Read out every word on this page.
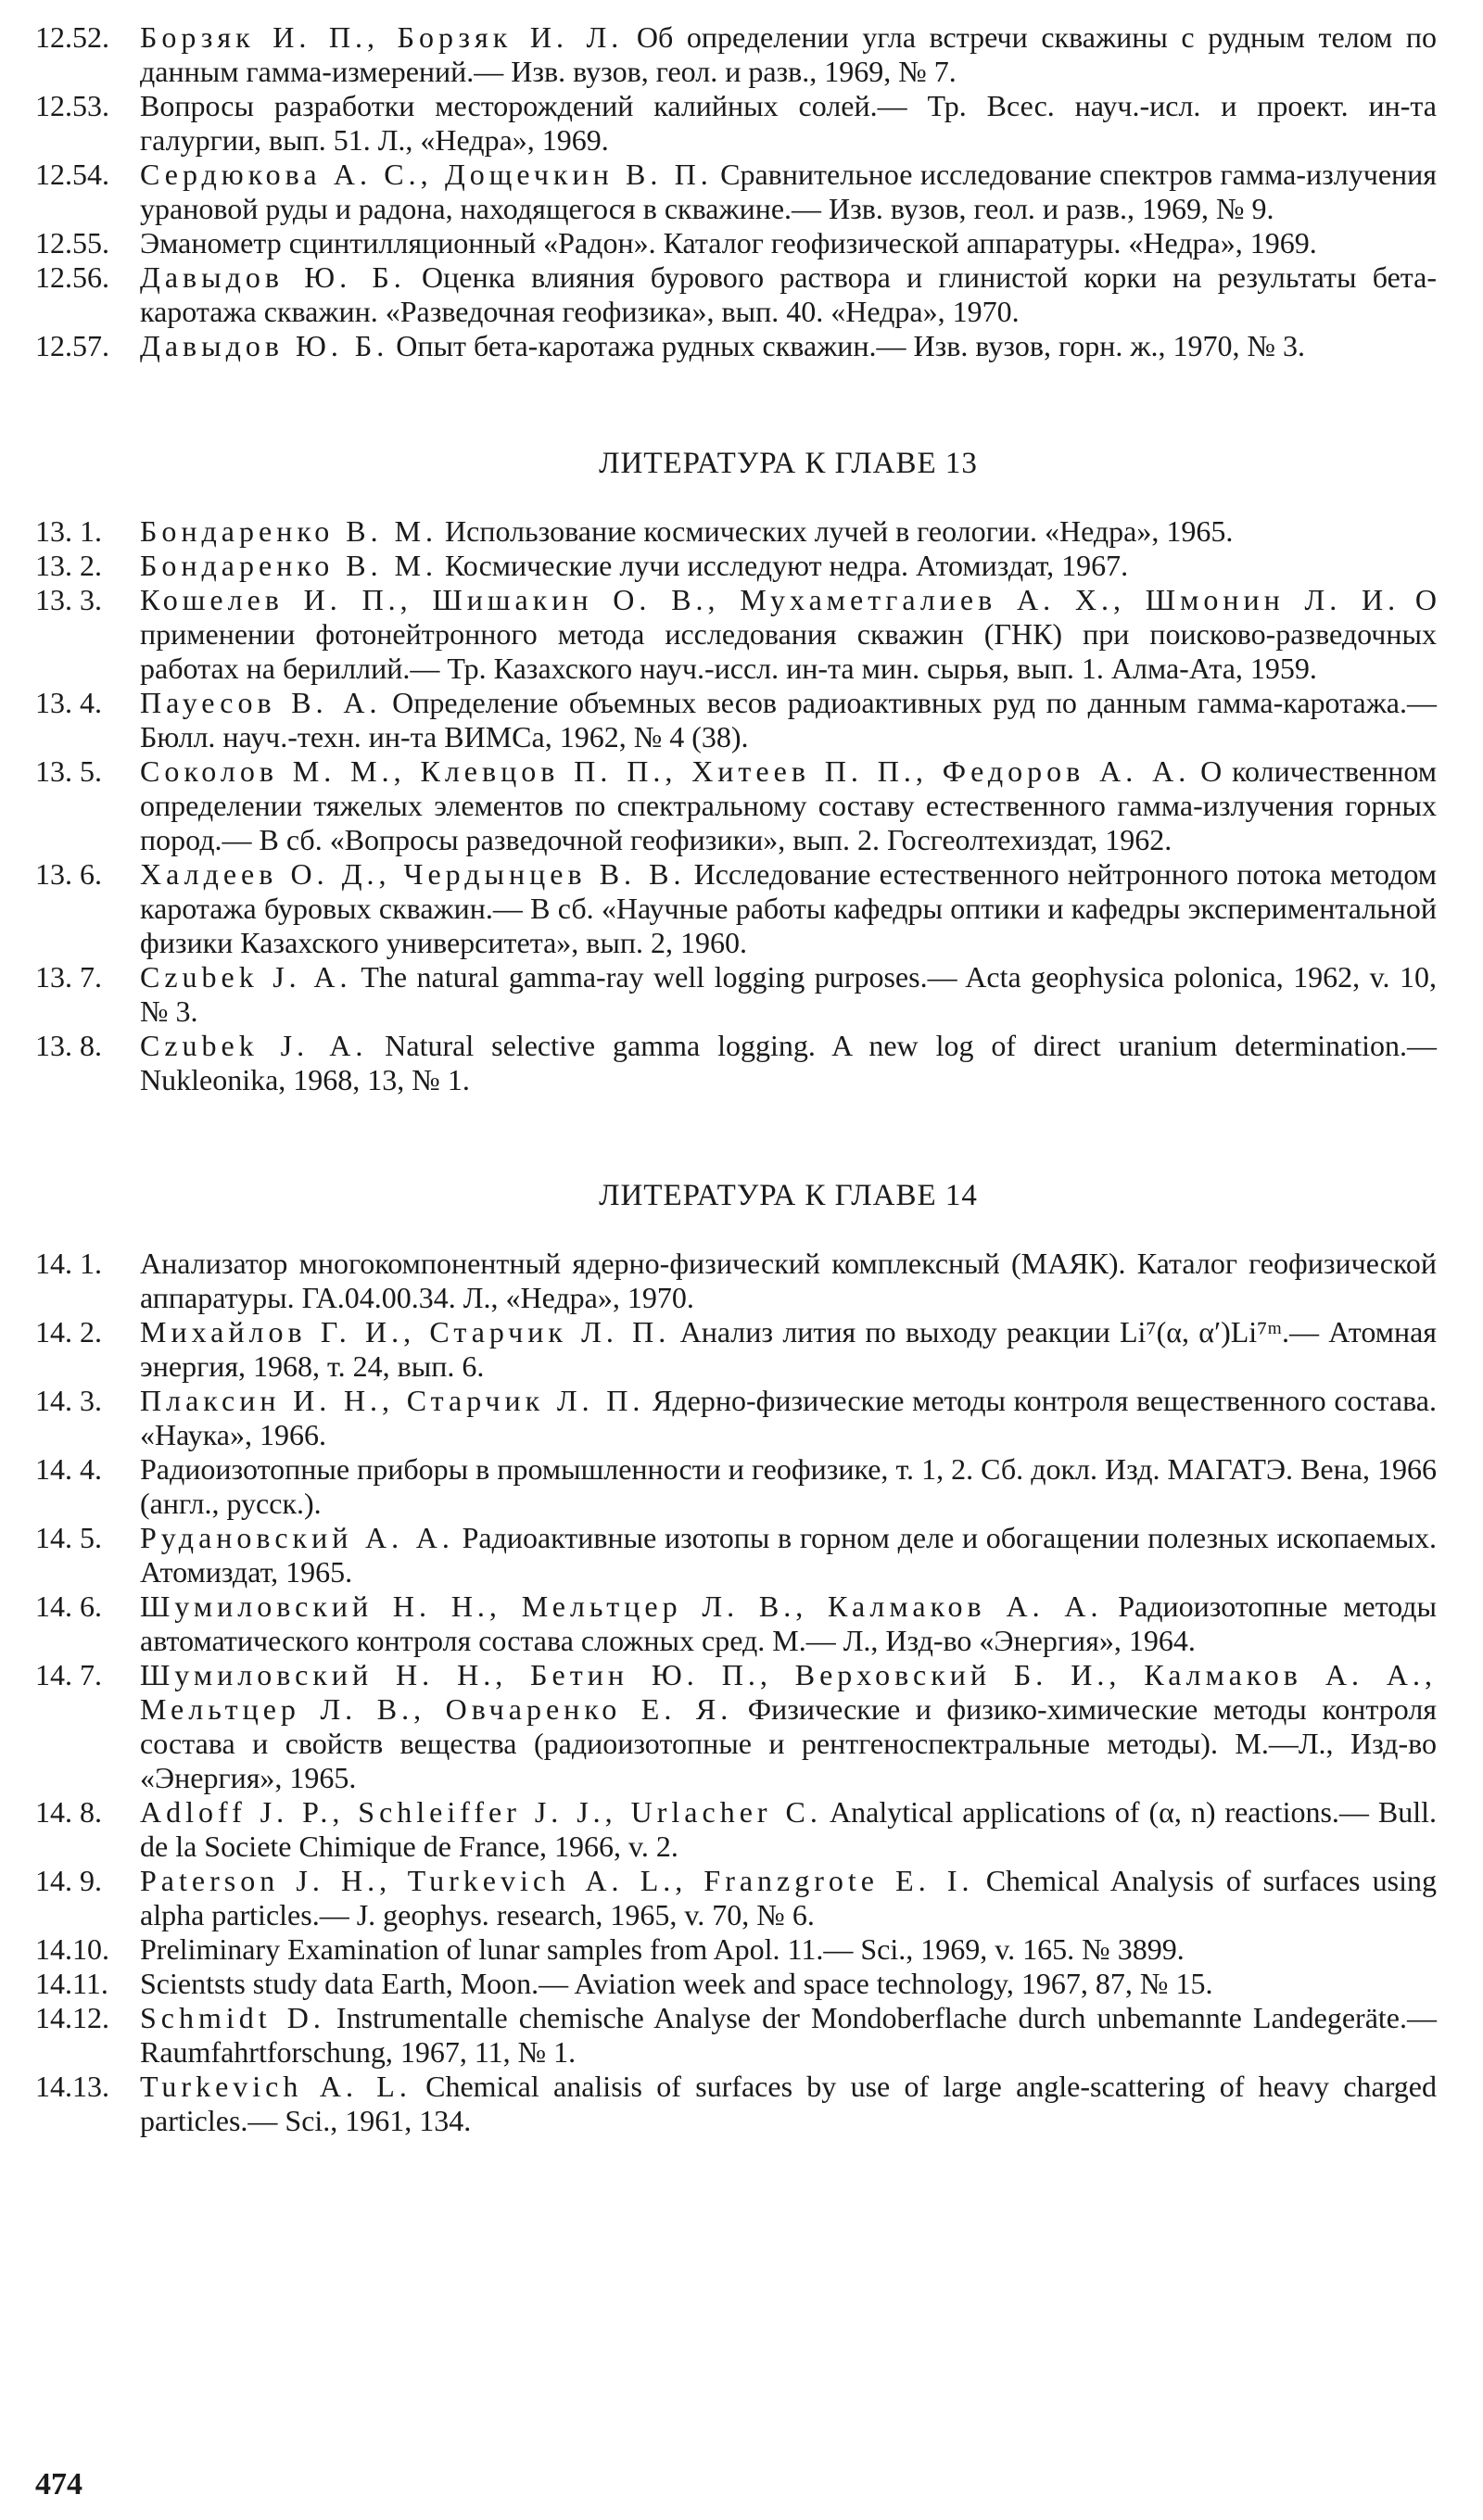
12.52.	Борзяк И. П., Борзяк И. Л. Об определении угла встречи скважины с рудным телом по данным гамма-измерений.— Изв. вузов, геол. и разв., 1969, № 7.
12.53.	Вопросы разработки месторождений калийных солей.— Тр. Всес. науч.-исл. и проект. ин-та галургии, вып. 51. Л., «Недра», 1969.
12.54.	Сердюкова А. С., Дощечкин В. П. Сравнительное исследование спектров гамма-излучения урановой руды и радона, находящегося в скважине.— Изв. вузов, геол. и разв., 1969, № 9.
12.55.	Эманометр сцинтилляционный «Радон». Каталог геофизической аппаратуры. «Недра», 1969.
12.56.	Давыдов Ю. Б. Оценка влияния бурового раствора и глинистой корки на результаты бета-каротажа скважин. «Разведочная геофизика», вып. 40. «Недра», 1970.
12.57.	Давыдов Ю. Б. Опыт бета-каротажа рудных скважин.— Изв. вузов, горн. ж., 1970, № 3.
ЛИТЕРАТУРА К ГЛАВЕ 13
13. 1.	Бондаренко В. М. Использование космических лучей в геологии. «Недра», 1965.
13. 2.	Бондаренко В. М. Космические лучи исследуют недра. Атомиздат, 1967.
13. 3.	Кошелев И. П., Шишакин О. В., Мухаметгалиев А. Х., Шмонин Л. И. О применении фотонейтронного метода исследования скважин (ГНК) при поисково-разведочных работах на бериллий.— Тр. Казахского науч.-иссл. ин-та мин. сырья, вып. 1. Алма-Ата, 1959.
13. 4.	Пауесов В. А. Определение объемных весов радиоактивных руд по данным гамма-каротажа.— Бюлл. науч.-техн. ин-та ВИМСа, 1962, № 4 (38).
13. 5.	Соколов М. М., Клевцов П. П., Хитеев П. П., Федоров А. А. О количественном определении тяжелых элементов по спектральному составу естественного гамма-излучения горных пород.— В сб. «Вопросы разведочной геофизики», вып. 2. Госгеолтехиздат, 1962.
13. 6.	Халдеев О. Д., Чердынцев В. В. Исследование естественного нейтронного потока методом каротажа буровых скважин.— В сб. «Научные работы кафедры оптики и кафедры экспериментальной физики Казахского университета», вып. 2, 1960.
13. 7.	Czubek J. A. The natural gamma-ray well logging purposes.— Acta geophysica polonica, 1962, v. 10, № 3.
13. 8.	Czubek J. A. Natural selective gamma logging. A new log of direct uranium determination.— Nukleonika, 1968, 13, № 1.
ЛИТЕРАТУРА К ГЛАВЕ 14
14. 1.	Анализатор многокомпонентный ядерно-физический комплексный (МАЯК). Каталог геофизической аппаратуры. ГА.04.00.34. Л., «Недра», 1970.
14. 2.	Михайлов Г. И., Старчик Л. П. Анализ лития по выходу реакции Li⁷(α, α′)Li⁷ᵐ.— Атомная энергия, 1968, т. 24, вып. 6.
14. 3.	Плаксин И. Н., Старчик Л. П. Ядерно-физические методы контроля вещественного состава. «Наука», 1966.
14. 4.	Радиоизотопные приборы в промышленности и геофизике, т. 1, 2. Сб. докл. Изд. МАГАТЭ. Вена, 1966 (англ., русск.).
14. 5.	Рудановский А. А. Радиоактивные изотопы в горном деле и обогащении полезных ископаемых. Атомиздат, 1965.
14. 6.	Шумиловский Н. Н., Мельтцер Л. В., Калмаков А. А. Радиоизотопные методы автоматического контроля состава сложных сред. М.— Л., Изд-во «Энергия», 1964.
14. 7.	Шумиловский Н. Н., Бетин Ю. П., Верховский Б. И., Калмаков А. А., Мельтцер Л. В., Овчаренко Е. Я. Физические и физико-химические методы контроля состава и свойств вещества (радиоизотопные и рентгеноспектральные методы). М.—Л., Изд-во «Энергия», 1965.
14. 8.	Adloff J. P., Schleiffer J. J., Urlacher C. Analytical applications of (α, n) reactions.— Bull. de la Societe Chimique de France, 1966, v. 2.
14. 9.	Paterson J. H., Turkevich A. L., Franzgrote E. I. Chemical Analysis of surfaces using alpha particles.— J. geophys. research, 1965, v. 70, № 6.
14.10.	Preliminary Examination of lunar samples from Apol. 11.— Sci., 1969, v. 165. № 3899.
14.11.	Scientsts study data Earth, Moon.— Aviation week and space technology, 1967, 87, № 15.
14.12.	Schmidt D. Instrumentalle chemische Analyse der Mondoberflache durch unbemannte Landegeräte.— Raumfahrtforschung, 1967, 11, № 1.
14.13.	Turkevich A. L. Chemical analisis of surfaces by use of large angle-scattering of heavy charged particles.— Sci., 1961, 134.
474
